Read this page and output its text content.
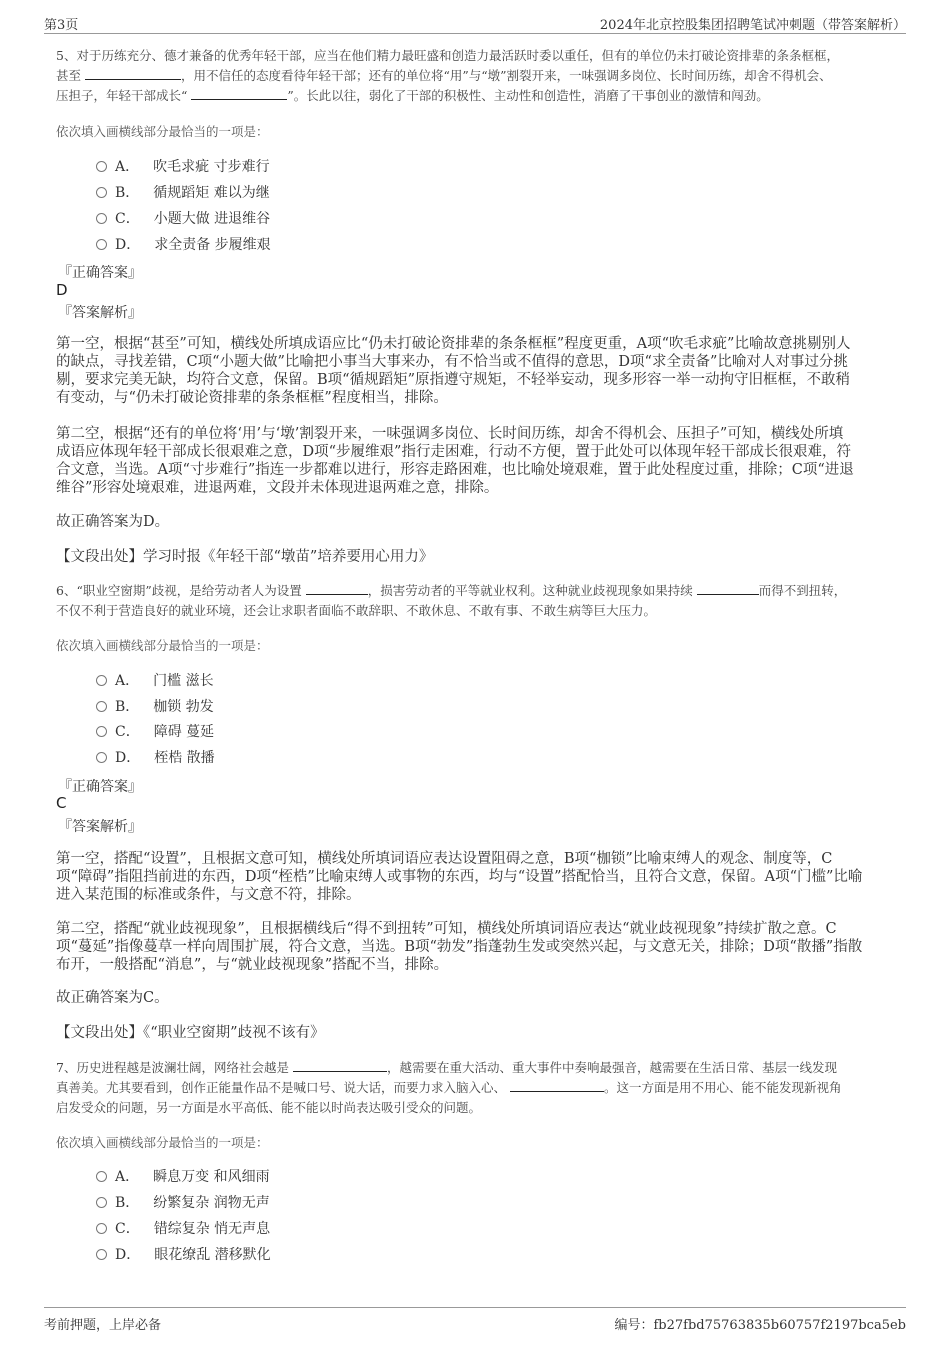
第3页	2024年北京控股集团招聘笔试冲刺题（带答案解析）
5、对于历练充分、德才兼备的优秀年轻干部，应当在他们精力最旺盛和创造力最活跃时委以重任，但有的单位仍未打破论资排辈的条条框框，
甚至	，用不信任的态度看待年轻干部；还有的单位将“用”与“墩”割裂开来，一味强调多岗位、长时间历练，却舍不得机会、
压担子，年轻干部成长“	”。长此以往，弱化了干部的积极性、主动性和创造性，消磨了干事创业的激情和闯劲。
依次填入画横线部分最恰当的一项是：
A． 吹毛求疵 寸步难行
B． 循规蹈矩 难以为继
C． 小题大做 进退维谷
D． 求全责备 步履维艰
『正确答案』
D
『答案解析』
第一空，根据“甚至”可知，横线处所填成语应比“仍未打破论资排辈的条条框框”程度更重，A项“吹毛求疵”比喻故意挑剔别人
的缺点，寻找差错，C项“小题大做”比喻把小事当大事来办，有不恰当或不值得的意思，D项“求全责备”比喻对人对事过分挑
剔，要求完美无缺，均符合文意，保留。B项“循规蹈矩”原指遵守规矩，不轻举妄动，现多形容一举一动拘守旧框框，不敢稍
有变动，与“仍未打破论资排辈的条条框框”程度相当，排除。
第二空，根据“还有的单位将‘用’与‘墩’割裂开来，一味强调多岗位、长时间历练，却舍不得机会、压担子”可知，横线处所填
成语应体现年轻干部成长很艰难之意，D项“步履维艰”指行走困难，行动不方便，置于此处可以体现年轻干部成长很艰难，符
合文意，当选。A项“寸步难行”指连一步都难以进行，形容走路困难，也比喻处境艰难，置于此处程度过重，排除；C项“进退
维谷”形容处境艰难，进退两难，文段并未体现进退两难之意，排除。
故正确答案为D。
【文段出处】学习时报《年轻干部“墩苗”培养要用心用力》
6、“职业空窗期”歧视，是给劳动者人为设置	，损害劳动者的平等就业权利。这种就业歧视现象如果持续	而得不到扭转，
不仅不利于营造良好的就业环境，还会让求职者面临不敢辞职、不敢休息、不敢有事、不敢生病等巨大压力。
依次填入画横线部分最恰当的一项是：
A． 门槛 滋长
B． 枷锁 勃发
C． 障碍 蔓延
D． 桎梏 散播
『正确答案』
C
『答案解析』
第一空，搭配“设置”，且根据文意可知，横线处所填词语应表达设置阻碍之意，B项“枷锁”比喻束缚人的观念、制度等，C
项“障碍”指阻挡前进的东西，D项“桎梏”比喻束缚人或事物的东西，均与“设置”搭配恰当，且符合文意，保留。A项“门槛”比喻
进入某范围的标准或条件，与文意不符，排除。
第二空，搭配“就业歧视现象”，且根据横线后“得不到扭转”可知，横线处所填词语应表达“就业歧视现象”持续扩散之意。C
项“蔓延”指像蔓草一样向周围扩展，符合文意，当选。B项“勃发”指蓬勃生发或突然兴起，与文意无关，排除；D项“散播”指散
布开，一般搭配“消息”，与“就业歧视现象”搭配不当，排除。
故正确答案为C。
【文段出处】《“职业空窗期”歧视不该有》
7、历史进程越是波澜壮阔，网络社会越是	，越需要在重大活动、重大事件中奏响最强音，越需要在生活日常、基层一线发现
真善美。尤其要看到，创作正能量作品不是喊口号、说大话，而要力求入脑入心、	。这一方面是用不用心、能不能发现新视角
启发受众的问题，另一方面是水平高低、能不能以时尚表达吸引受众的问题。
依次填入画横线部分最恰当的一项是：
A． 瞬息万变 和风细雨
B． 纷繁复杂 润物无声
C． 错综复杂 悄无声息
D． 眼花缭乱 潜移默化
考前押题，上岸必备	编号：fb27fbd75763835b60757f2197bca5eb
